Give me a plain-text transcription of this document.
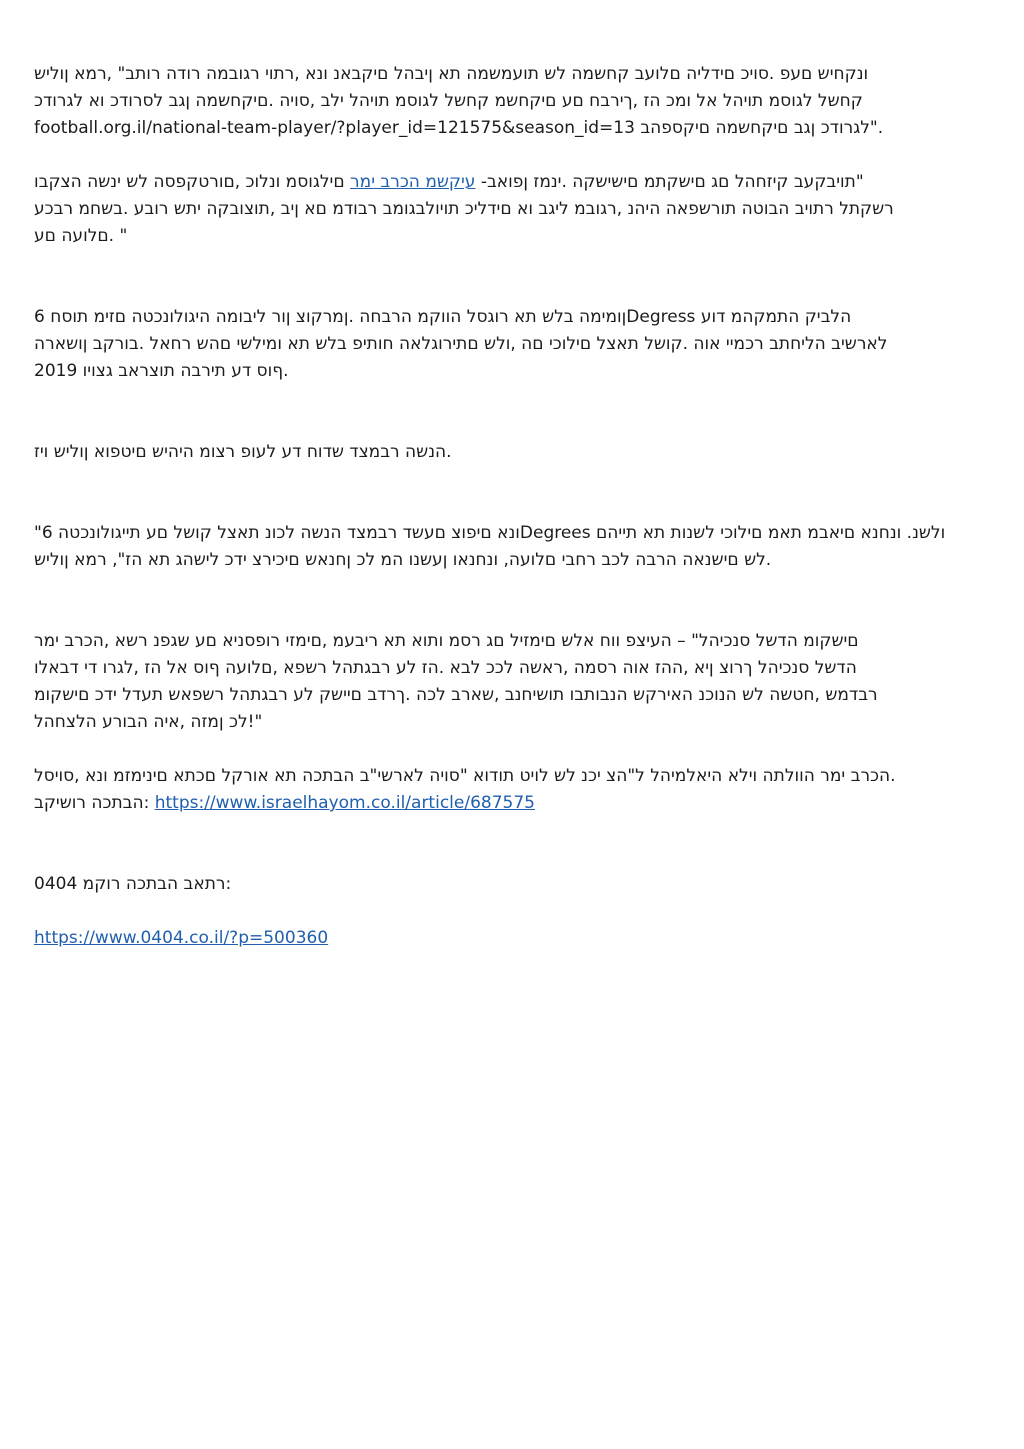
ונקחיש םעפ .סויכ םידליה םלועב קחשמה לש תועמשמה תא ןיבהל םיקבאנ ונא ,רתוי רגובמה רודה רותב" ,רמא ןוליש
קחשל לגוסמ תויהל אל ומכ הז ,ךירבח םע םיקחשמ קחשל לגוסמ תויהל ילב ,סויה .םיקחשמה ןגב לסרודכ וא לגרודכ
football.org.il/national-team-player/?player_id=121575&season_id=13 לגרודכ ןגב םיקחשמה םיקספהב".

תויבקעב קיזחהל םג םישקתמ םישישקה .ינמז ןפואב- עיקשמ הכרב ימר םילגוסמ ונלוכ ,םורטקפסה לש ינשה הצקבו"
רשקתל רתויב הבוטה תורשפאה היהנ ,רגובמ ליגב וא םידליכ תויולבגומב רבודמ םא ןיב ,תוצובקה יתש רובע .בשחמ רבכע
םלועה םע. "

ןומימה בלש תא רוגסל הווקמ הרבחה .ןמרקוצ ןור ליבומה היגולונכטה םזימ תוסח 6Degress הלביק התמקהמ דוע
לארשיב הליחתב רכמיי אוה .קושל תאצל םילוכי םה ,ולש םתירוגלאה חותיפ בלש תא ומילשי םהש רחאל .בורקב ןושארה
2019 ףוס דע תירבה תוצראב גצויו.

הנשה רבמצד שדוח דע לעופ רצומ היהיש םיטפוא ןוליש ויז.

"ונא םיפוצ םעשד רבמצד הנשה לכונ תאצל קושל םע תייגולונכטה 6Degrees ולשנ. ונחנא םיאבמ תאמ םילוכי לשנות תא תייהם
לש םישנאה הרבה לכב רחבי םלועה, ונחנאו ןעשנו המ לכ ןחנאש םיכירצ ידכ לישהג תא הז", רמא ןוליש.

םישקומ הדשל סנכיהל" – העיצפ ווח אלש םימזיל םג רסמ ותוא תא ריבעמ ,םימזי רופסניא םע שגפנ רשא ,הכרב ימר
הדשל סנכיהל ךרוצ ןיא ,ההז אוה רסמה ,ראשה לככ לבא .הז לע רבגתהל רשפא ,םלועה ףוס אל הז ,לגרו די דבאלו
רבדמש ,חטשה לש הנוכנ האירקש הנבותבו תושיחנב ,שארב לכה .ךרדב םיישק לע רבגתהל רשפאש תעדל ידכ םישקומ
לכ ןמזה ,איה הבורע הלצחהל!"

הכרב ימר הוולתה וילא היאלמיהל ל"הצ יכנ לש לויט תודוא "סויה לארשי"ב הבתכה תא אורקל םכתא םינימזמ ונא ,סויסל.
הבתכה רושיקב: https://www.israelhayom.co.il/article/687575

0404 רתאב הבתכה רוקמ:

https://www.0404.co.il/?p=500360
